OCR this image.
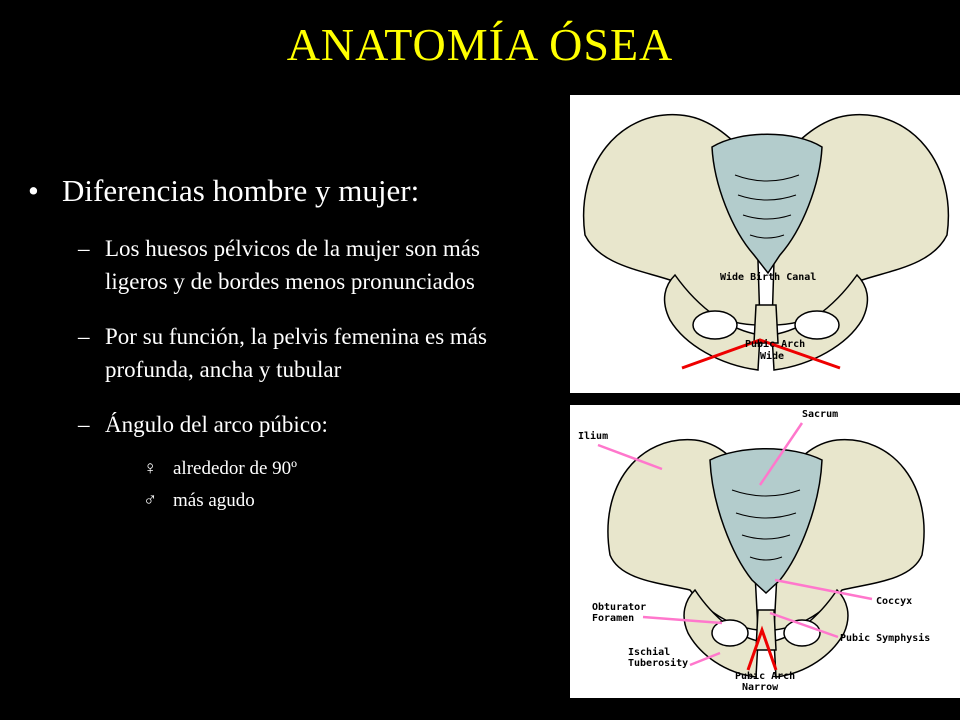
ANATOMÍA ÓSEA
• Diferencias hombre y mujer:
– Los huesos pélvicos de la mujer son más ligeros y de bordes menos pronunciados
– Por su función, la pelvis femenina es más profunda, ancha y tubular
– Ángulo del arco púbico:
♀ alrededor de 90º
♂ más agudo
Wide Birth Canal
Pubic Arch
Wide
Ilium
Sacrum
Coccyx
Obturator
Foramen
Pubic Symphysis
Ischial
Tuberosity
Pubic Arch
Narrow
